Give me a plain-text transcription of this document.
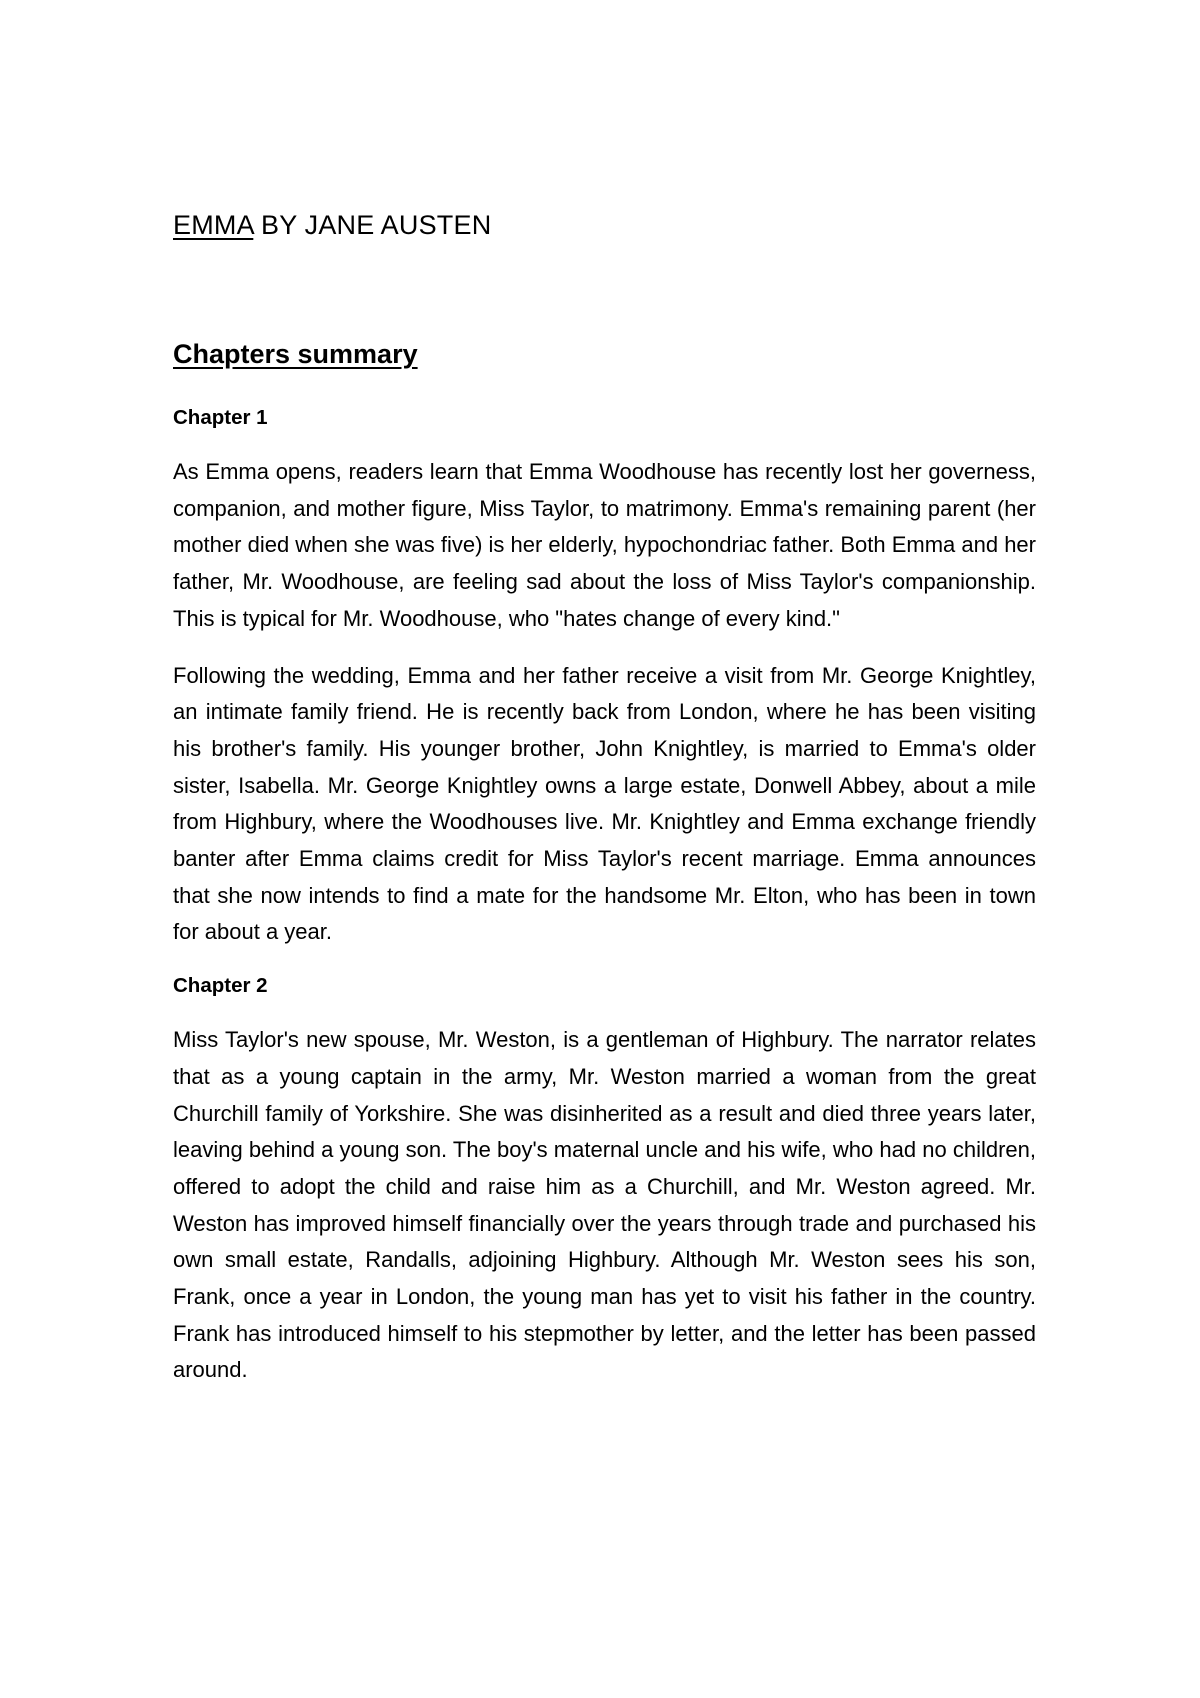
EMMA BY JANE AUSTEN
Chapters summary
Chapter 1

As Emma opens, readers learn that Emma Woodhouse has recently lost her governess, companion, and mother figure, Miss Taylor, to matrimony. Emma's remaining parent (her mother died when she was five) is her elderly, hypochondriac father. Both Emma and her father, Mr. Woodhouse, are feeling sad about the loss of Miss Taylor's companionship. This is typical for Mr. Woodhouse, who "hates change of every kind."

Following the wedding, Emma and her father receive a visit from Mr. George Knightley, an intimate family friend. He is recently back from London, where he has been visiting his brother's family. His younger brother, John Knightley, is married to Emma's older sister, Isabella. Mr. George Knightley owns a large estate, Donwell Abbey, about a mile from Highbury, where the Woodhouses live. Mr. Knightley and Emma exchange friendly banter after Emma claims credit for Miss Taylor's recent marriage. Emma announces that she now intends to find a mate for the handsome Mr. Elton, who has been in town for about a year.

Chapter 2

Miss Taylor's new spouse, Mr. Weston, is a gentleman of Highbury. The narrator relates that as a young captain in the army, Mr. Weston married a woman from the great Churchill family of Yorkshire. She was disinherited as a result and died three years later, leaving behind a young son. The boy's maternal uncle and his wife, who had no children, offered to adopt the child and raise him as a Churchill, and Mr. Weston agreed. Mr. Weston has improved himself financially over the years through trade and purchased his own small estate, Randalls, adjoining Highbury. Although Mr. Weston sees his son, Frank, once a year in London, the young man has yet to visit his father in the country. Frank has introduced himself to his stepmother by letter, and the letter has been passed around.
